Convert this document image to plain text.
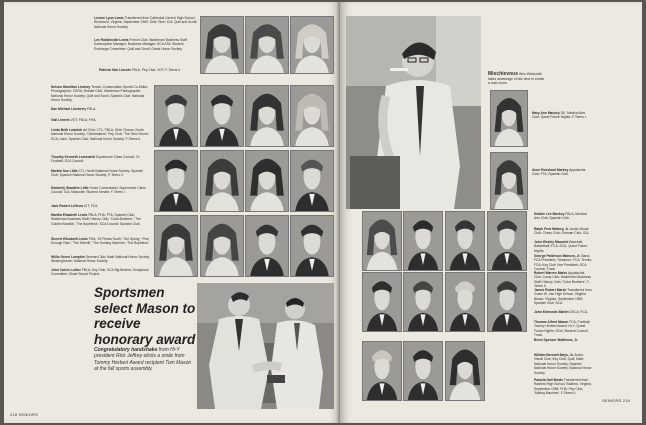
Lenore Lynn Lewis Transferred from Cathedral Central High School, Richmond, Virginia, September 1969, Girls' Glee; ICA; Quill and Scroll; National Honor Society.
Lee Robbinville Lewis French Club; Watchman Business Staff Subscription Manager; Business Manager; SCA ATA; Student Exchange Committee; Quill and Scroll; Greek Honor Society.
Patricia Gail Lincoln FBLA; Pep Club; VOT; F-Teens II.
Nelson Hamilton Lindsey Tennis; Conservation Sports Co-Editor; Photographer; CERA; Debate Club; Watchman Photographer; National Honor Society; Quill and Scroll; Spanish Club; National Honor Society.
Dan Michael Lineberry FBLA.
Gail Linnels VOT; FBLA; FHA.
Linda Beth Lodwick Art Club; CTL; FBLA; Girls' Chorus; North National Honor Society; 'Celebrations'; Pep Club; 'The Teen Storm'; SCA; Latin; Spanish Club; National Honor Society; F-Teens II.
Timothy Kenneth Lomsweld Sophomore Class Council; JV Football; SCA Council.
Martha Sue Little CTL; North National Honor Society; Spanish Club; Spanish National Honor Society; F-Teens II.
Kimberly Standlee Little Honor Commission; Sophomore Class Council; ICA; Mascotte; Student Senate; F-Teens I.
Jack Robert LeGrow ICT; FCA.
Martha Elizabeth Lewis FBLA; FHA; FTA; Spanish Club; Watchman Business Staff; History Club; 'Cuba Brothers'; 'The Golden Bandits'; 'The Boyfriend'; SCA Council; Spanish Club.
Sherrie Elizabeth Lewis FHA; 'Of Pinata Youth'; 'Girl Spring'; 'Fine Enough Rain'; 'The Sherrill'; 'The Golding Machine'; 'The Boyfriend.'
Willis Green Lumpkin German Club; Math National Honor Society; Westinghouse; National Honor Society.
John Calvin Luther FBLA; Key Club; SCA Big Brother; Scrapbook Committee; Stuart Sound Project.
Sportsmen select Mason to receive honorary award
Congratulatory handshake from Hi-Y president Rick Jeffrey elicits a smile from Tommy Herbert Award recipient Tom Mason at the fall sports assembly.
218 SENIORS
Mischievous Wes Weissrath takes advantage of idle time to create a dust storm.
Mary Ann Mackey DE; Medical Arts Club; Quest Future Nights; F-Teens I.
Anne Rossland Markey Appalachia Club; FTA; Spanish Club.
Debbie Lee Mackey FBLA; Medical Arts Club; Spanish Club.
Ralph Fred Mabrey, Jr. Audio-Visual Club; Chess Club; German Club; ICA.
John Wesley Macomb Baseball; Basketball; FCA; SCA; Quest Future Nights.
George Patterson Mansen, Jr. Band; FCA President; Treasurer; FCA; Tennis; FCA; Key Club Vice President; SCA Council; Track.
Robert Warren Marks Appalachia Club; Camp Club; Watchman Business Staff; History Club; 'Cuba Brothers'; F-Teens II.
James Robert Marsh Transferred from Guam W. Van High School, Virginia Beach, Virginia, September 1969, Spanish Club; SCA.
John Edmonds Martin DECA; FCA.
Thomas Alfred Mason FCA; Football; Tommy Herbert Award; Hi-Y; Quest Future Nights; SCA; Student Council; Track.
Brent Spencer Matthews, Jr.
William Bennett Mays, Jr. Audio-Visual Club; Key Club; Quill; Math National Honor Society; Spanish National Honor Society; National Honor Society.
Pamela Gail Meats Transferred from Radford High School, Radford, Virginia, September 1969; FHA; Pep Club; 'Adding Machine'; F-Teens II.
SENIORS 219
